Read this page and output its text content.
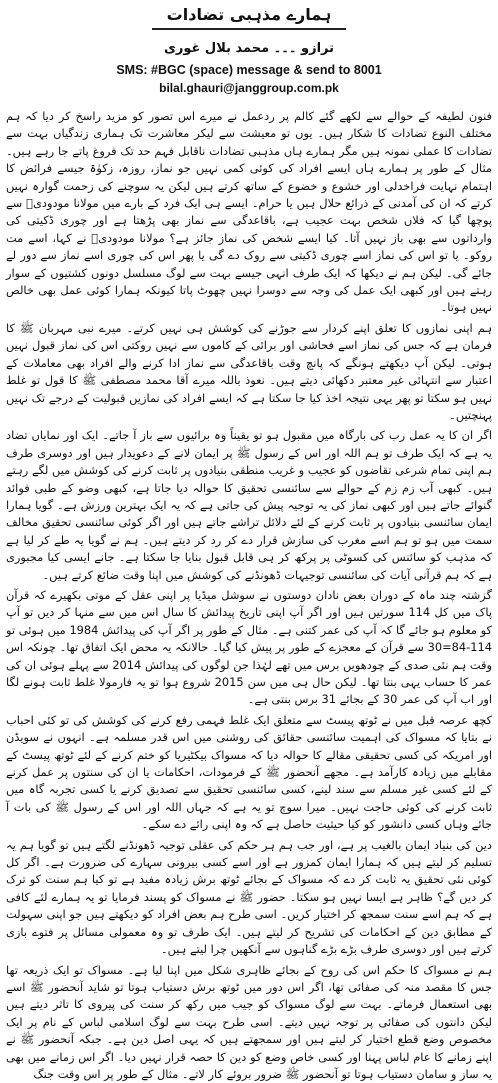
ہمارے مذہبی تضادات
ترازو ۔۔۔ محمد بلال غوری
SMS: #BGC (space) message & send to 8001
bilal.ghauri@janggroup.com.pk

فنون لطیفہ کے حوالے سے لکھے گئے کالم پر ردعمل نے میرے اس تصور کو مزید راسخ کر دیا کہ ہم مختلف النوع تضادات کا شکار ہیں۔ یوں تو معیشت سے لیکر معاشرت تک ہماری زندگیاں بہت سے تضادات کا عملی نمونہ ہیں مگر ہمارے ہاں مذہبی تضادات ناقابل فہم حد تک فروغ پاتے جا رہے ہیں۔ مثال کے طور پر ہمارے ہاں ایسے افراد کی کوئی کمی نہیں جو نماز، روزہ، زکوٰۃ جیسے فرائض کا اہتمام نہایت فراخدلی اور خشوع و خضوع کے ساتھ کرتے ہیں لیکن یہ سوچنے کی زحمت گوارہ نہیں کرتے کہ ان کی آمدنی کے ذرائع حلال ہیں یا حرام۔ ایسے ہی ایک فرد کے بارے میں مولانا مودودیؒ سے پوچھا گیا کہ فلاں شخص بہت عجیب ہے، باقاعدگی سے نماز بھی پڑھتا ہے اور چوری ڈکیتی کی وارداتوں سے بھی باز نہیں آتا۔ کیا ایسے شخص کی نماز جائز ہے؟ مولانا مودودیؒ نے کہا، اسے مت روکو۔ یا تو اس کی نماز اسے چوری ڈکیتی سے روک دے گی یا پھر اس کی چوری اسے نماز سے دور لے جائے گی۔ لیکن ہم نے دیکھا کہ ایک طرف انہی جیسے بہت سے لوگ مسلسل دونوں کشتیوں کے سوار رہتے ہیں اور کبھی ایک عمل کی وجہ سے دوسرا نہیں چھوٹ پاتا کیونکہ ہمارا کوئی عمل بھی خالص نہیں ہوتا۔

ہم اپنی نمازوں کا تعلق اپنے کردار سے جوڑنے کی کوشش ہی نہیں کرتے۔ میرے نبی مہربان ﷺ کا فرمان ہے کہ جس کی نماز اسے فحاشی اور برائی کے کاموں سے نہیں روکتی اس کی نماز قبول نہیں ہوتی۔ لیکن آپ دیکھتے ہونگے کہ پانچ وقت باقاعدگی سے نماز ادا کرنے والے افراد بھی معاملات کے اعتبار سے انتہائی غیر معتبر دکھائی دیتے ہیں۔ نعوذ باللہ میرے آقا محمد مصطفی ﷺ کا قول تو غلط نہیں ہو سکتا تو پھر یہی نتیجہ اخذ کیا جا سکتا ہے کہ ایسے افراد کی نمازیں قبولیت کے درجے تک نہیں پہنچتیں۔

اگر ان کا یہ عمل رب کی بارگاہ میں مقبول ہو تو یقیناً وہ برائیوں سے باز آ جاتے۔ ایک اور نمایاں تضاد یہ ہے کہ ایک طرف تو ہم اللہ اور اس کے رسول ﷺ پر ایمان لانے کے دعویدار ہیں اور دوسری طرف ہم اپنی تمام شرعی تقاضوں کو عجیب و غریب منطقی بنیادوں پر ثابت کرنے کی کوشش میں لگے رہتے ہیں۔ کبھی آب زم زم کے حوالے سے سائنسی تحقیق کا حوالہ دیا جاتا ہے، کبھی وضو کے طبی فوائد گنوائے جاتے ہیں اور کبھی نماز کی یہ توجیہ پیش کی جاتی ہے کہ یہ ایک بہترین ورزش ہے۔ گویا ہمارا ایمان سائنسی بنیادوں پر ثابت کرنے کے لئے دلائل تراشے جاتے ہیں اور اگر کوئی سائنسی تحقیق مخالف سمت میں ہو تو ہم اسے مغرب کی سازش قرار دے کر رد کر دیتے ہیں۔ ہم نے گویا یہ طے کر لیا ہے کہ مذہب کو سائنس کی کسوٹی پر پرکھ کر ہی قابل قبول بنایا جا سکتا ہے۔ جانے ایسی کیا مجبوری ہے کہ ہم قرآنی آیات کی سائنسی توجیہات ڈھونڈنے کی کوشش میں اپنا وقت ضائع کرتے ہیں۔

گزشتہ چند ماہ کے دوران بعض نادان دوستوں نے سوشل میڈیا پر اپنی عقل کے موتی بکھیرے کہ قرآن پاک میں کل 114 سورتیں ہیں اور اگر آپ اپنی تاریخ پیدائش کا سال اس میں سے منہا کر دیں تو آپ کو معلوم ہو جائے گا کہ آپ کی عمر کتنی ہے۔ مثال کے طور پر اگر آپ کی پیدائش 1984 میں ہوئی تو 114-84=30 سے قرآن کے معجزے کے طور پر پیش کیا گیا۔ حالانکہ یہ محض ایک اتفاق تھا۔ چونکہ اس وقت ہم نئی صدی کے چودھویں برس میں تھے لہٰذا جن لوگوں کی پیدائش 2014 سے پہلے ہوئی ان کی عمر کا حساب یہی بنتا تھا۔ لیکن حال ہی میں سن 2015 شروع ہوا تو یہ فارمولا غلط ثابت ہونے لگا اور اب آپ کی عمر 30 کے بجائے 31 برس بنتی ہے۔

کچھ عرصہ قبل میں نے ٹوتھ پیسٹ سے متعلق ایک غلط فہمی رفع کرنے کی کوشش کی تو کئی احباب نے بتایا کہ مسواک کی اہمیت سائنسی حقائق کی روشنی میں اس قدر مسلمہ ہے۔ انہوں نے سویڈن اور امریکہ کی کسی تحقیقی مقالے کا حوالہ دیا کہ مسواک بیکٹیریا کو ختم کرنے کے لئے ٹوتھ پیسٹ کے مقابلے میں زیادہ کارآمد ہے۔ مجھے آنحضور ﷺ کے فرمودات، احکامات یا ان کی سنتوں پر عمل کرنے کے لئے کسی غیر مسلم سے سند لینے، کسی سائنسی تحقیق سے تصدیق کرنے یا کسی تجربہ گاہ میں ثابت کرنے کی کوئی حاجت نہیں۔ میرا سوچ تو یہ ہے کہ جہاں اللہ اور اس کے رسول ﷺ کی بات آ جائے وہاں کسی دانشور کو کیا حیثیت حاصل ہے کہ وہ اپنی رائے دے سکے۔

دین کی بنیاد ایمان بالغیب پر ہے، اور جب ہم ہر حکم کی عقلی توجیہ ڈھونڈنے لگتے ہیں تو گویا ہم یہ تسلیم کر لیتے ہیں کہ ہمارا ایمان کمزور ہے اور اسے کسی بیرونی سہارے کی ضرورت ہے۔ اگر کل کوئی نئی تحقیق یہ ثابت کر دے کہ مسواک کے بجائے ٹوتھ برش زیادہ مفید ہے تو کیا ہم سنت کو ترک کر دیں گے؟ ظاہر ہے ایسا نہیں ہو سکتا۔ حضور ﷺ نے مسواک کو پسند فرمایا تو یہ ہمارے لئے کافی ہے کہ ہم اسے سنت سمجھ کر اختیار کریں۔ اسی طرح ہم بعض افراد کو دیکھتے ہیں جو اپنی سہولت کے مطابق دین کے احکامات کی تشریح کر لیتے ہیں۔ ایک طرف تو وہ معمولی مسائل پر فتوے بازی کرتے ہیں اور دوسری طرف بڑے بڑے گناہوں سے آنکھیں چرا لیتے ہیں۔

ہم نے مسواک کا حکم اس کی روح کے بجائے ظاہری شکل میں اپنا لیا ہے۔ مسواک تو ایک ذریعہ تھا جس کا مقصد منہ کی صفائی تھا، اگر اس دور میں ٹوتھ برش دستیاب ہوتا تو شاید آنحضور ﷺ اسے بھی استعمال فرماتے۔ بہت سے لوگ مسواک کو جیب میں رکھ کر سنت کی پیروی کا تاثر دیتے ہیں لیکن دانتوں کی صفائی پر توجہ نہیں دیتے۔ اسی طرح بہت سے لوگ اسلامی لباس کے نام پر ایک مخصوص وضع قطع اختیار کر لیتے ہیں اور سمجھتے ہیں کہ یہی اصل دین ہے۔ جبکہ آنحضور ﷺ نے اپنے زمانے کا عام لباس پہنا اور کسی خاص وضع کو دین کا حصہ قرار نہیں دیا۔ اگر اس زمانے میں بھی یہ ساز و سامان دستیاب ہوتا تو آنحضور ﷺ ضرور بروئے کار لاتے۔ مثال کے طور پر اس وقت جنگ
